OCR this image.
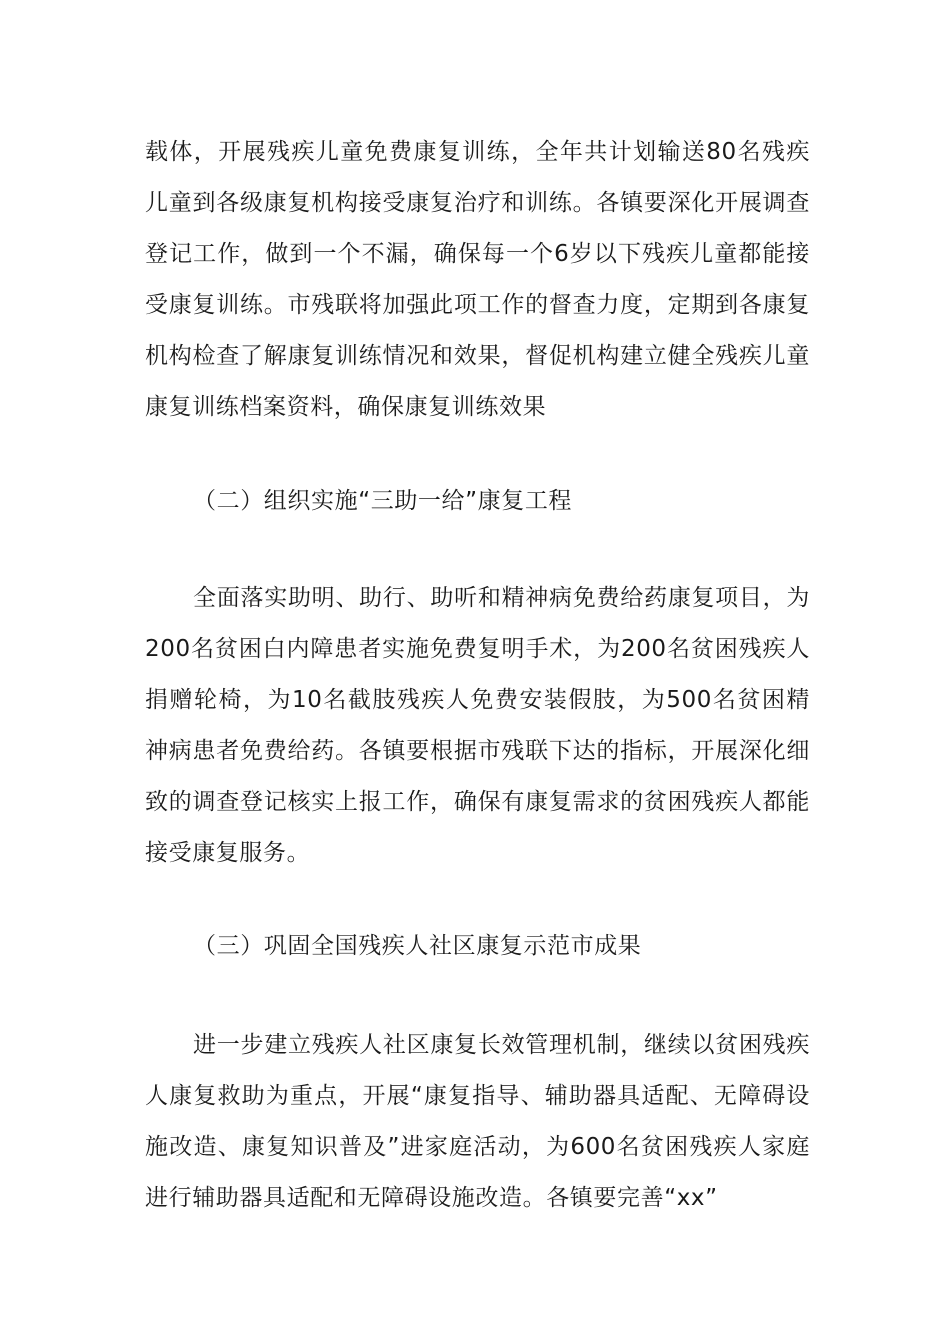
载体，开展残疾儿童免费康复训练，全年共计划输送80名残疾儿童到各级康复机构接受康复治疗和训练。各镇要深化开展调查登记工作，做到一个不漏，确保每一个6岁以下残疾儿童都能接受康复训练。市残联将加强此项工作的督查力度，定期到各康复机构检查了解康复训练情况和效果，督促机构建立健全残疾儿童康复训练档案资料，确保康复训练效果

（二）组织实施“三助一给”康复工程

全面落实助明、助行、助听和精神病免费给药康复项目，为200名贫困白内障患者实施免费复明手术，为200名贫困残疾人捐赠轮椅，为10名截肢残疾人免费安装假肢，为500名贫困精神病患者免费给药。各镇要根据市残联下达的指标，开展深化细致的调查登记核实上报工作，确保有康复需求的贫困残疾人都能接受康复服务。

（三）巩固全国残疾人社区康复示范市成果

进一步建立残疾人社区康复长效管理机制，继续以贫困残疾人康复救助为重点，开展“康复指导、辅助器具适配、无障碍设施改造、康复知识普及”进家庭活动，为600名贫困残疾人家庭进行辅助器具适配和无障碍设施改造。各镇要完善“xx”
